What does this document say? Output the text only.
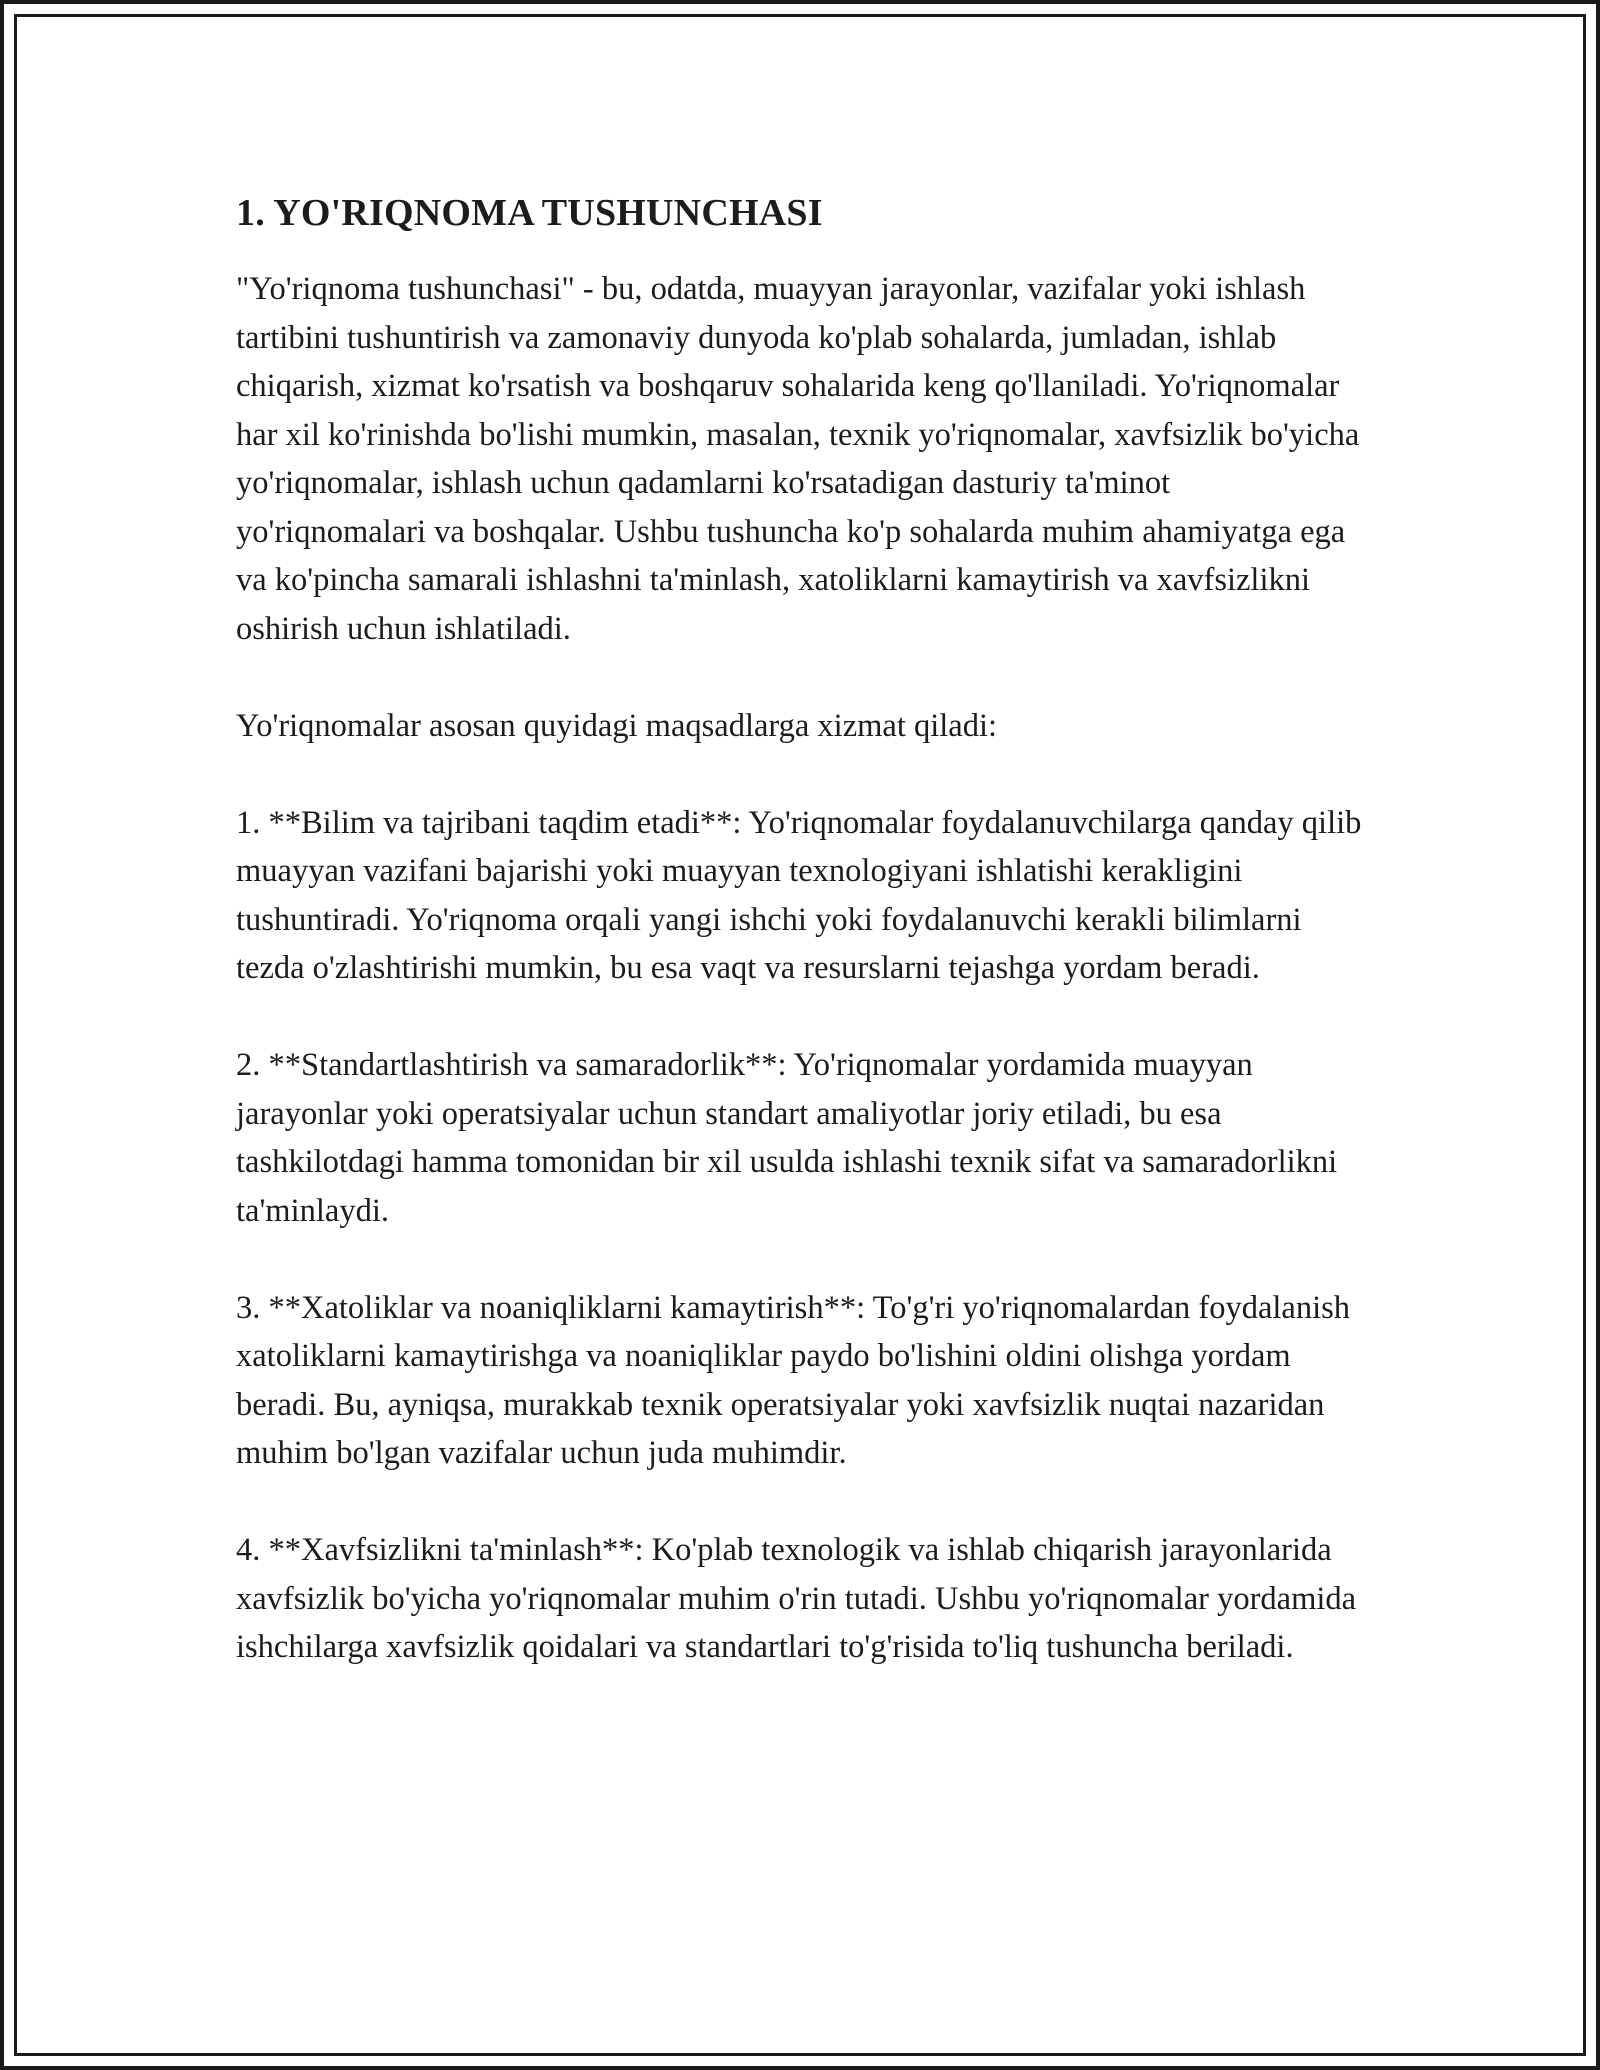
1. YO'RIQNOMA TUSHUNCHASI

"Yo'riqnoma tushunchasi" - bu, odatda, muayyan jarayonlar, vazifalar yoki ishlash tartibini tushuntirish va zamonaviy dunyoda ko'plab sohalarda, jumladan, ishlab chiqarish, xizmat ko'rsatish va boshqaruv sohalarida keng qo'llaniladi. Yo'riqnomalar har xil ko'rinishda bo'lishi mumkin, masalan, texnik yo'riqnomalar, xavfsizlik bo'yicha yo'riqnomalar, ishlash uchun qadamlarni ko'rsatadigan dasturiy ta'minot yo'riqnomalari va boshqalar. Ushbu tushuncha ko'p sohalarda muhim ahamiyatga ega va ko'pincha samarali ishlashni ta'minlash, xatoliklarni kamaytirish va xavfsizlikni oshirish uchun ishlatiladi.

Yo'riqnomalar asosan quyidagi maqsadlarga xizmat qiladi:

1. **Bilim va tajribani taqdim etadi**: Yo'riqnomalar foydalanuvchilarga qanday qilib muayyan vazifani bajarishi yoki muayyan texnologiyani ishlatishi kerakligini tushuntiradi. Yo'riqnoma orqali yangi ishchi yoki foydalanuvchi kerakli bilimlarni tezda o'zlashtirishi mumkin, bu esa vaqt va resurslarni tejashga yordam beradi.

2. **Standartlashtirish va samaradorlik**: Yo'riqnomalar yordamida muayyan jarayonlar yoki operatsiyalar uchun standart amaliyotlar joriy etiladi, bu esa tashkilotdagi hamma tomonidan bir xil usulda ishlashi texnik sifat va samaradorlikni ta'minlaydi.

3. **Xatoliklar va noaniqliklarni kamaytirish**: To'g'ri yo'riqnomalardan foydalanish xatoliklarni kamaytirishga va noaniqliklar paydo bo'lishini oldini olishga yordam beradi. Bu, ayniqsa, murakkab texnik operatsiyalar yoki xavfsizlik nuqtai nazaridan muhim bo'lgan vazifalar uchun juda muhimdir.

4. **Xavfsizlikni ta'minlash**: Ko'plab texnologik va ishlab chiqarish jarayonlarida xavfsizlik bo'yicha yo'riqnomalar muhim o'rin tutadi. Ushbu yo'riqnomalar yordamida ishchilarga xavfsizlik qoidalari va standartlari to'g'risida to'liq tushuncha beriladi.
